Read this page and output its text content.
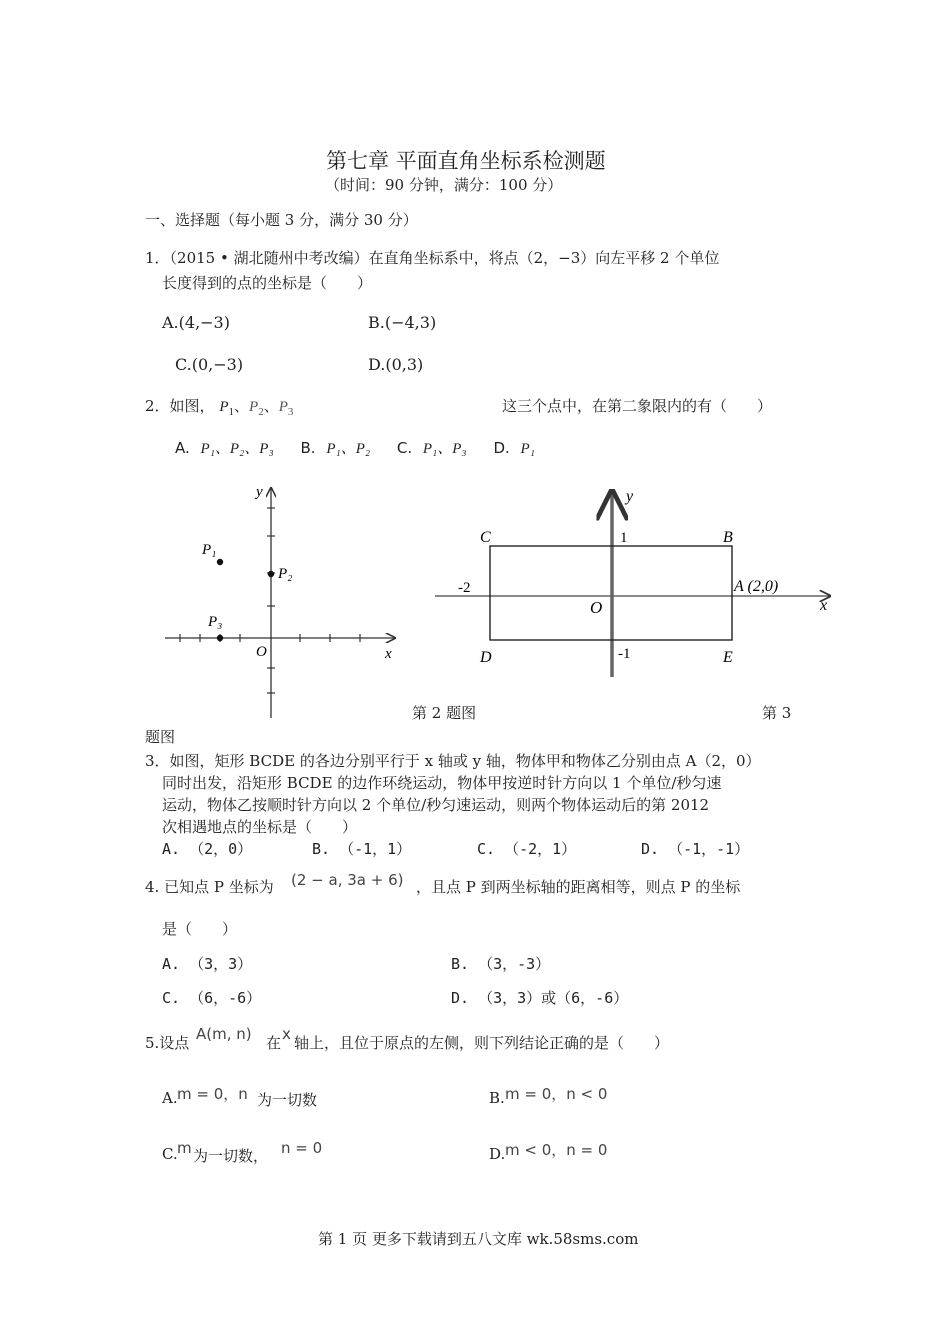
第七章 平面直角坐标系检测题
（时间：90 分钟，满分：100 分）
一、选择题（每小题 3 分，满分 30 分）
1．（2015 • 湖北随州中考改编）在直角坐标系中，将点（2，−3）向左平移 2 个单位
长度得到的点的坐标是（　　）
A.(4,−3)	B.(−4,3)
C.(0,−3)	D.(0,3)
2．如图， $P_1$、$P_2$、$P_3$	这三个点中，在第二象限内的有（　　）
A. P₁、P₂、P₃ B. P₁、P₂ C. P₁、P₃ D. P₁
y
x
O
P₁
P₂
P₃
y
x
O
C	B
D	E
A (2,0)
1
-1
-2
第 2 题图	第 3
题图
3．如图，矩形 BCDE 的各边分别平行于 x 轴或 y 轴，物体甲和物体乙分别由点 A（2，0）
同时出发，沿矩形 BCDE 的边作环绕运动，物体甲按逆时针方向以 1 个单位/秒匀速
运动，物体乙按顺时针方向以 2 个单位/秒匀速运动，则两个物体运动后的第 2012
次相遇地点的坐标是（　　）
A. （2，0）	B. （-1，1）	C. （-2，1）	D. （-1，-1）
4. 已知点 P 坐标为 (2 − a, 3a + 6) ，且点 P 到两坐标轴的距离相等，则点 P 的坐标
是（　　）
A. （3，3）	B. （3，-3）
C. （6，-6）	D. （3，3）或（6，-6）
5.设点 A(m, n) 在 x 轴上，且位于原点的左侧，则下列结论正确的是（　　）
A. m = 0，n 为一切数	B. m = 0，n < 0
C. m 为一切数， n = 0	D. m < 0，n = 0
第 1 页 更多下载请到五八文库 wk.58sms.com
